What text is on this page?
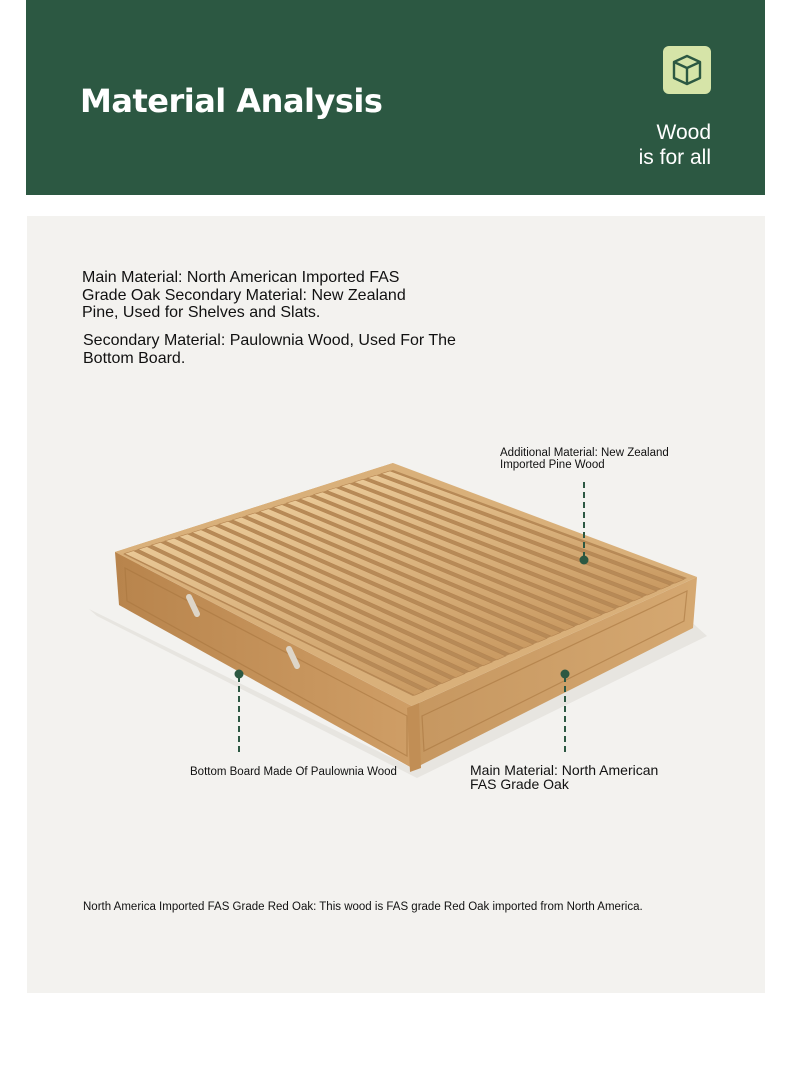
Material Analysis
Wood
is for all
Main Material: North American Imported FAS Grade Oak Secondary Material: New Zealand Pine, Used for Shelves and Slats.
Secondary Material: Paulownia Wood, Used For The Bottom Board.
Additional Material: New Zealand Imported Pine Wood
Bottom Board Made Of Paulownia Wood	Main Material: North American FAS Grade Oak
North America Imported FAS Grade Red Oak: This wood is FAS grade Red Oak imported from North America.
